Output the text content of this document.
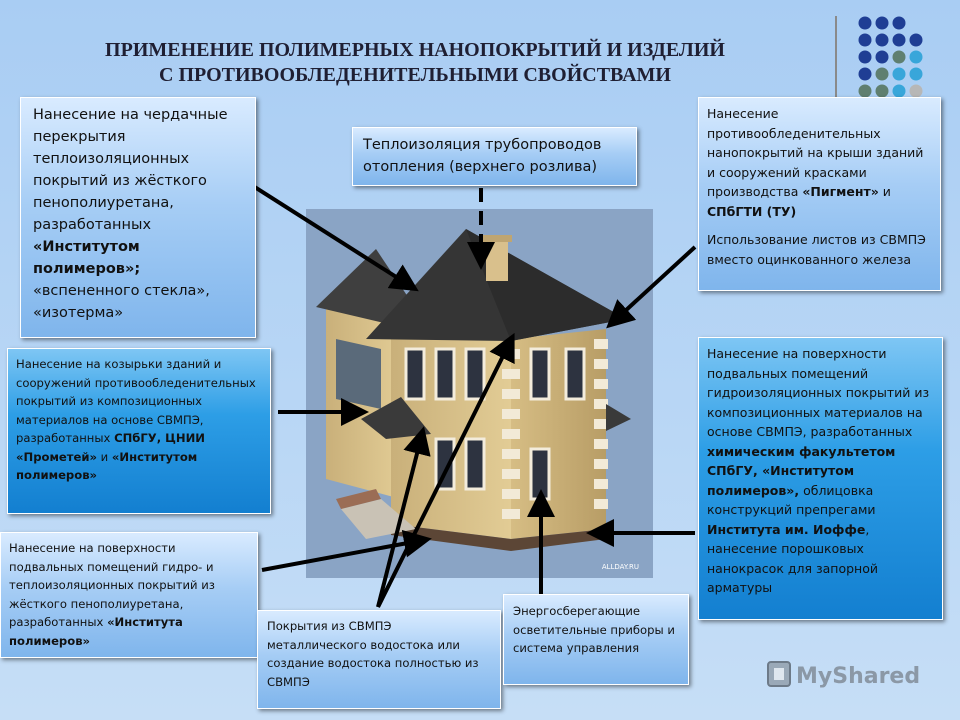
ПРИМЕНЕНИЕ ПОЛИМЕРНЫХ НАНОПОКРЫТИЙ И ИЗДЕЛИЙ
С ПРОТИВООБЛЕДЕНИТЕЛЬНЫМИ СВОЙСТВАМИ
ALLDAY.RU

Нанесение на чердачные перекрытия теплоизоляционных покрытий из жёсткого пенополиуретана, разработанных «Институтом полимеров»; «вспененного стекла», «изотерма»

Теплоизоляция трубопроводов отопления (верхнего розлива)

Нанесение противообледенительных нанопокрытий на крыши зданий и сооружений красками производства «Пигмент» и СПбГТИ (ТУ)

Использование листов из СВМПЭ вместо оцинкованного железа

Нанесение на козырьки зданий и сооружений противообледенительных покрытий из композиционных материалов на основе СВМПЭ, разработанных СПбГУ, ЦНИИ «Прометей» и «Институтом полимеров»

Нанесение на поверхности подвальных помещений гидроизоляционных покрытий из композиционных материалов на основе СВМПЭ, разработанных химическим факультетом СПбГУ, «Институтом полимеров», облицовка конструкций препрегами Института им. Иоффе, нанесение порошковых нанокрасок для запорной арматуры

Нанесение на поверхности подвальных помещений гидро- и теплоизоляционных покрытий из жёсткого пенополиуретана, разработанных «Института полимеров»

Покрытия из СВМПЭ металлического водостока или создание водостока полностью из СВМПЭ

Энергосберегающие осветительные приборы и система управления

MyShared
